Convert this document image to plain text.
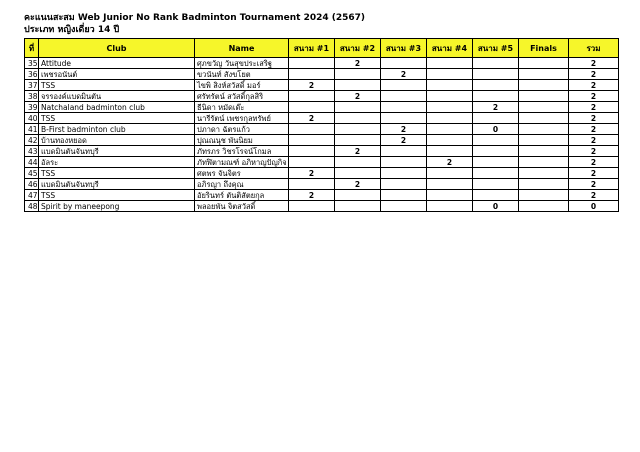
คะแนนสะสม Web Junior No Rank Badminton Tournament 2024 (2567)
ประเภท หญิงเดี่ยว 14 ปี
ที่	Club	Name	สนาม #1	สนาม #2	สนาม #3	สนาม #4	สนาม #5	Finals	รวม
35	Attitude	ศุภขวัญ วันสุขประเสริฐ		2					2
36	เพชรอนันต์	ขวนันท์ สังขโยต			2				2
37	TSS	ไขพิ สิงห์สวัสดิ์ มอร์	2						2
38	จรรองค์แบดมินตัน	ศรัทรัตน์ สวัสดิ์กุลสิริ		2					2
39	Natchaland badminton club	ธีนิดา หมัดเด๊ะ					2		2
40	TSS	นารีรัตน์ เพชรกุลทรัพย์	2						2
41	B-First badminton club	ปภาดา ฉัตรแก้ว			2		0		2
42	บ้านทองหยอด	ปุณณนุช พันนิยม			2				2
43	แบดมินตันจันทบุรี	ภัทรภร วิชรโรจน์โกมล		2					2
44	อัลระ	ภัทฬิตามณฑ์ อภิหาญปัญกิจ				2			2
45	TSS	ศตพร จันจิตร	2						2
46	แบดมินตันจันทบุรี	อภิรญา ถึงคุณ		2					2
47	TSS	อัยรินทร์ ตันติสัตยกุล	2						2
48	Spirit by maneepong	พลอยพัน จิตสวัสดิ์					0		0
